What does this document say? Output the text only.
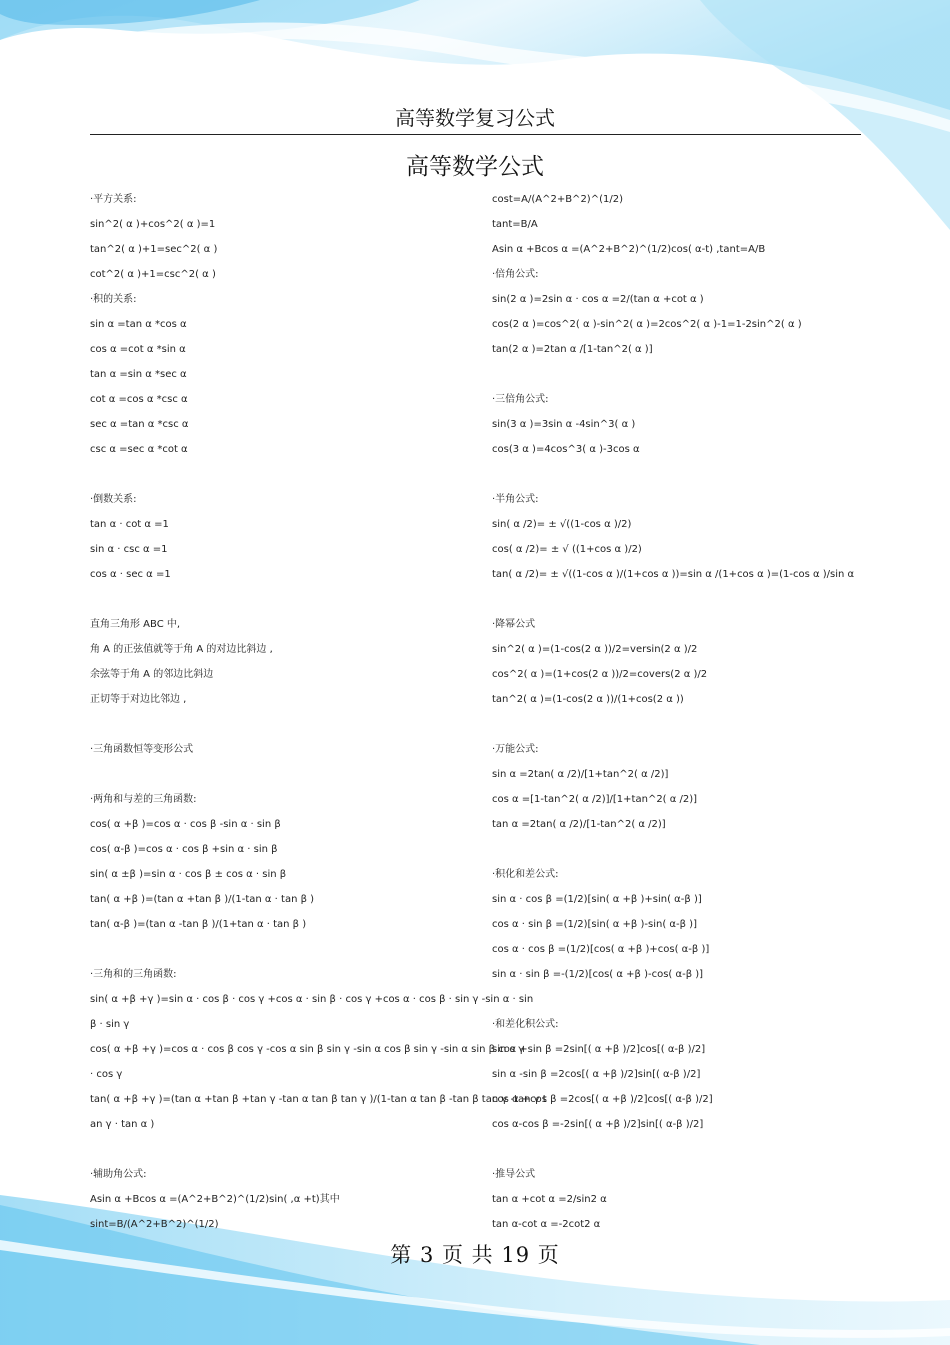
高等数学复习公式
高等数学公式
·平方关系:
sin^2( α )+cos^2( α )=1
tan^2( α )+1=sec^2( α )
cot^2( α )+1=csc^2( α )
·积的关系:
sin α =tan α *cos α
cos α =cot α *sin α
tan α =sin α *sec α
cot α =cos α *csc α
sec α =tan α *csc α
csc α =sec α *cot α
·倒数关系:
tan α · cot α =1
sin α · csc α =1
cos α · sec α =1
直角三角形 ABC 中,
角 A 的正弦值就等于角 A 的对边比斜边 ,
余弦等于角 A 的邻边比斜边
正切等于对边比邻边 ,
·三角函数恒等变形公式
·两角和与差的三角函数:
cos( α +β )=cos α · cos β -sin α · sin β
cos( α-β )=cos α · cos β +sin α · sin β
sin( α ±β )=sin α · cos β ± cos α · sin β
tan( α +β )=(tan α +tan β )/(1-tan α · tan β )
tan( α-β )=(tan α -tan β )/(1+tan α · tan β )
·三角和的三角函数:
sin( α +β +γ )=sin α · cos β · cos γ +cos α · sin β · cos γ +cos α · cos β · sin γ -sin α · sin
β · sin γ
cos( α +β +γ )=cos α · cos β cos γ -cos α sin β sin γ -sin α cos β sin γ -sin α sin β cos γ
· cos γ
tan( α +β +γ )=(tan α +tan β +tan γ -tan α tan β tan γ )/(1-tan α tan β -tan β tan γ -tan γ t
an γ · tan α )
·辅助角公式:
Asin α +Bcos α =(A^2+B^2)^(1/2)sin( ,α +t)其中
sint=B/(A^2+B^2)^(1/2)
cost=A/(A^2+B^2)^(1/2)
tant=B/A
Asin α +Bcos α =(A^2+B^2)^(1/2)cos( α-t) ,tant=A/B
·倍角公式:
sin(2 α )=2sin α · cos α =2/(tan α +cot α )
cos(2 α )=cos^2( α )-sin^2( α )=2cos^2( α )-1=1-2sin^2( α )
tan(2 α )=2tan α /[1-tan^2( α )]
·三倍角公式:
sin(3 α )=3sin α -4sin^3( α )
cos(3 α )=4cos^3( α )-3cos α
·半角公式:
sin( α /2)= ± √((1-cos α )/2)
cos( α /2)= ± √ ((1+cos α )/2)
tan( α /2)= ± √((1-cos α )/(1+cos α ))=sin α /(1+cos α )=(1-cos α )/sin α
·降幂公式
sin^2( α )=(1-cos(2 α ))/2=versin(2 α )/2
cos^2( α )=(1+cos(2 α ))/2=covers(2 α )/2
tan^2( α )=(1-cos(2 α ))/(1+cos(2 α ))
·万能公式:
sin α =2tan( α /2)/[1+tan^2( α /2)]
cos α =[1-tan^2( α /2)]/[1+tan^2( α /2)]
tan α =2tan( α /2)/[1-tan^2( α /2)]
·积化和差公式:
sin α · cos β =(1/2)[sin( α +β )+sin( α-β )]
cos α · sin β =(1/2)[sin( α +β )-sin( α-β )]
cos α · cos β =(1/2)[cos( α +β )+cos( α-β )]
sin α · sin β =-(1/2)[cos( α +β )-cos( α-β )]
·和差化积公式:
sin α +sin β =2sin[( α +β )/2]cos[( α-β )/2]
sin α -sin β =2cos[( α +β )/2]sin[( α-β )/2]
cos α +cos β =2cos[( α +β )/2]cos[( α-β )/2]
cos α-cos β =-2sin[( α +β )/2]sin[( α-β )/2]
·推导公式
tan α +cot α =2/sin2 α
tan α-cot α =-2cot2 α
第 3 页 共 19 页
